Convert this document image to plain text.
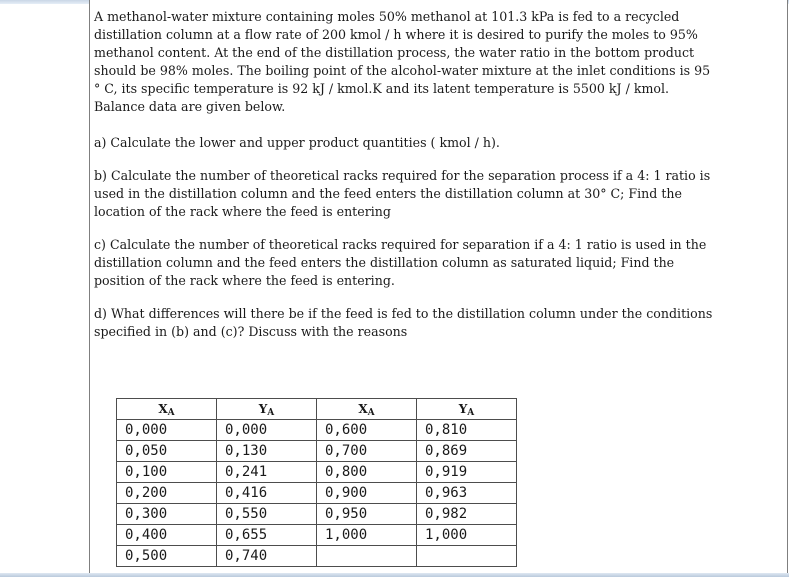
A methanol-water mixture containing moles 50% methanol at 101.3 kPa is fed to a recycled distillation column at a flow rate of 200 kmol / h where it is desired to purify the moles to 95% methanol content. At the end of the distillation process, the water ratio in the bottom product should be 98% moles. The boiling point of the alcohol-water mixture at the inlet conditions is 95 ° C, its specific temperature is 92 kJ / kmol.K and its latent temperature is 5500 kJ / kmol. Balance data are given below.

a) Calculate the lower and upper product quantities ( kmol / h).

b) Calculate the number of theoretical racks required for the separation process if a 4: 1 ratio is used in the distillation column and the feed enters the distillation column at 30° C; Find the location of the rack where the feed is entering

c) Calculate the number of theoretical racks required for separation if a 4: 1 ratio is used in the distillation column and the feed enters the distillation column as saturated liquid; Find the position of the rack where the feed is entering.

d) What differences will there be if the feed is fed to the distillation column under the conditions specified in (b) and (c)? Discuss with the reasons

$X_A$	$Y_A$	$X_A$	$Y_A$
0,000	0,000	0,600	0,810
0,050	0,130	0,700	0,869
0,100	0,241	0,800	0,919
0,200	0,416	0,900	0,963
0,300	0,550	0,950	0,982
0,400	0,655	1,000	1,000
0,500	0,740		
